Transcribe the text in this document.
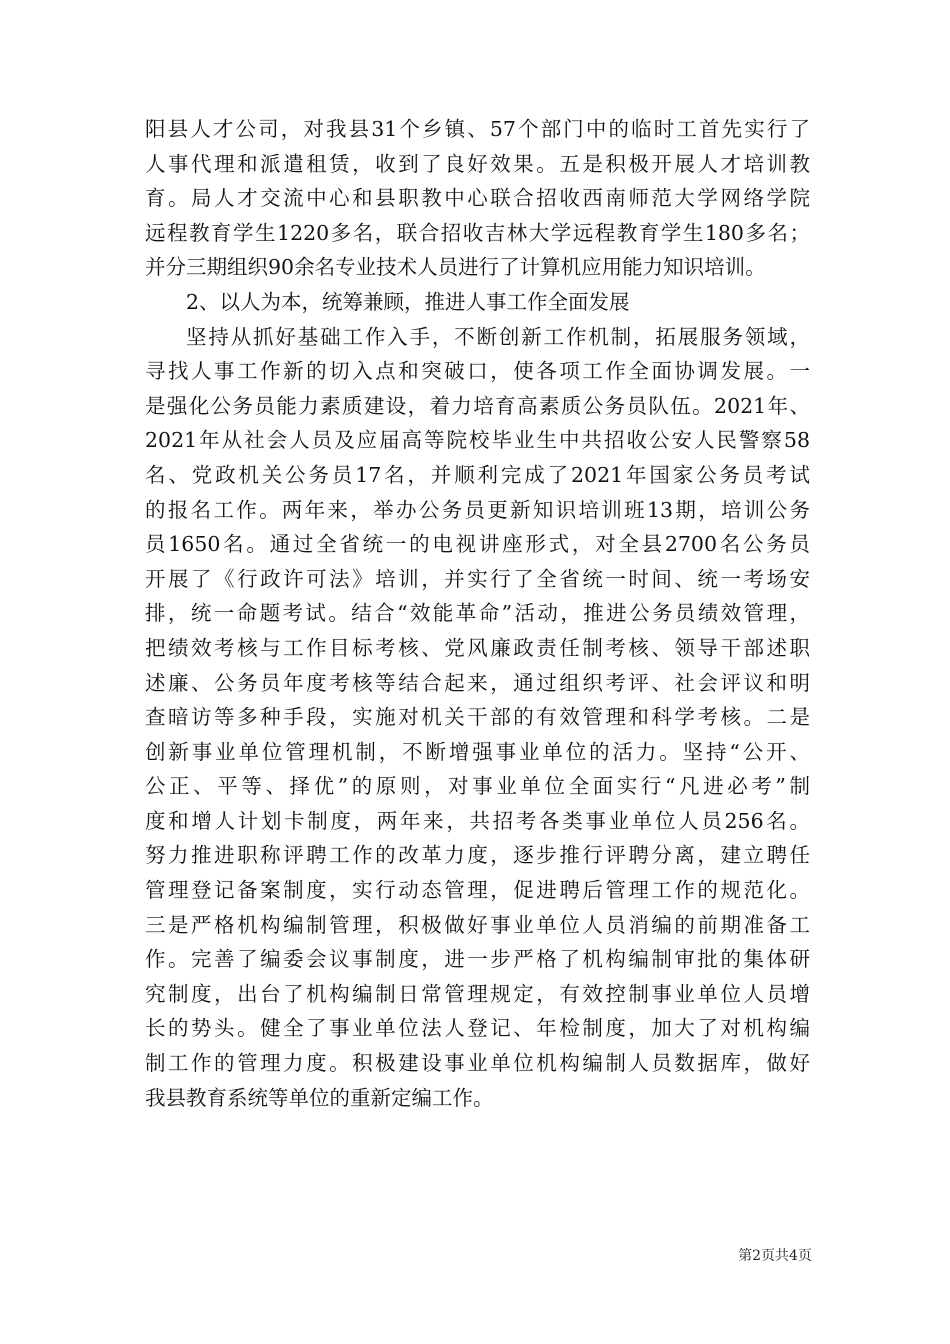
阳县人才公司，对我县31个乡镇、57个部门中的临时工首先实行了
人事代理和派遣租赁，收到了良好效果。五是积极开展人才培训教
育。局人才交流中心和县职教中心联合招收西南师范大学网络学院
远程教育学生1220多名，联合招收吉林大学远程教育学生180多名；
并分三期组织90余名专业技术人员进行了计算机应用能力知识培训。
2、以人为本，统筹兼顾，推进人事工作全面发展
坚持从抓好基础工作入手，不断创新工作机制，拓展服务领域，
寻找人事工作新的切入点和突破口，使各项工作全面协调发展。一
是强化公务员能力素质建设，着力培育高素质公务员队伍。2021年、
2021年从社会人员及应届高等院校毕业生中共招收公安人民警察58
名、党政机关公务员17名，并顺利完成了2021年国家公务员考试
的报名工作。两年来，举办公务员更新知识培训班13期，培训公务
员1650名。通过全省统一的电视讲座形式，对全县2700名公务员
开展了《行政许可法》培训，并实行了全省统一时间、统一考场安
排，统一命题考试。结合“效能革命”活动，推进公务员绩效管理，
把绩效考核与工作目标考核、党风廉政责任制考核、领导干部述职
述廉、公务员年度考核等结合起来，通过组织考评、社会评议和明
查暗访等多种手段，实施对机关干部的有效管理和科学考核。二是
创新事业单位管理机制，不断增强事业单位的活力。坚持“公开、
公正、平等、择优”的原则，对事业单位全面实行“凡进必考”制
度和增人计划卡制度，两年来，共招考各类事业单位人员256名。
努力推进职称评聘工作的改革力度，逐步推行评聘分离，建立聘任
管理登记备案制度，实行动态管理，促进聘后管理工作的规范化。
三是严格机构编制管理，积极做好事业单位人员消编的前期准备工
作。完善了编委会议事制度，进一步严格了机构编制审批的集体研
究制度，出台了机构编制日常管理规定，有效控制事业单位人员增
长的势头。健全了事业单位法人登记、年检制度，加大了对机构编
制工作的管理力度。积极建设事业单位机构编制人员数据库，做好
我县教育系统等单位的重新定编工作。
第2页共4页
